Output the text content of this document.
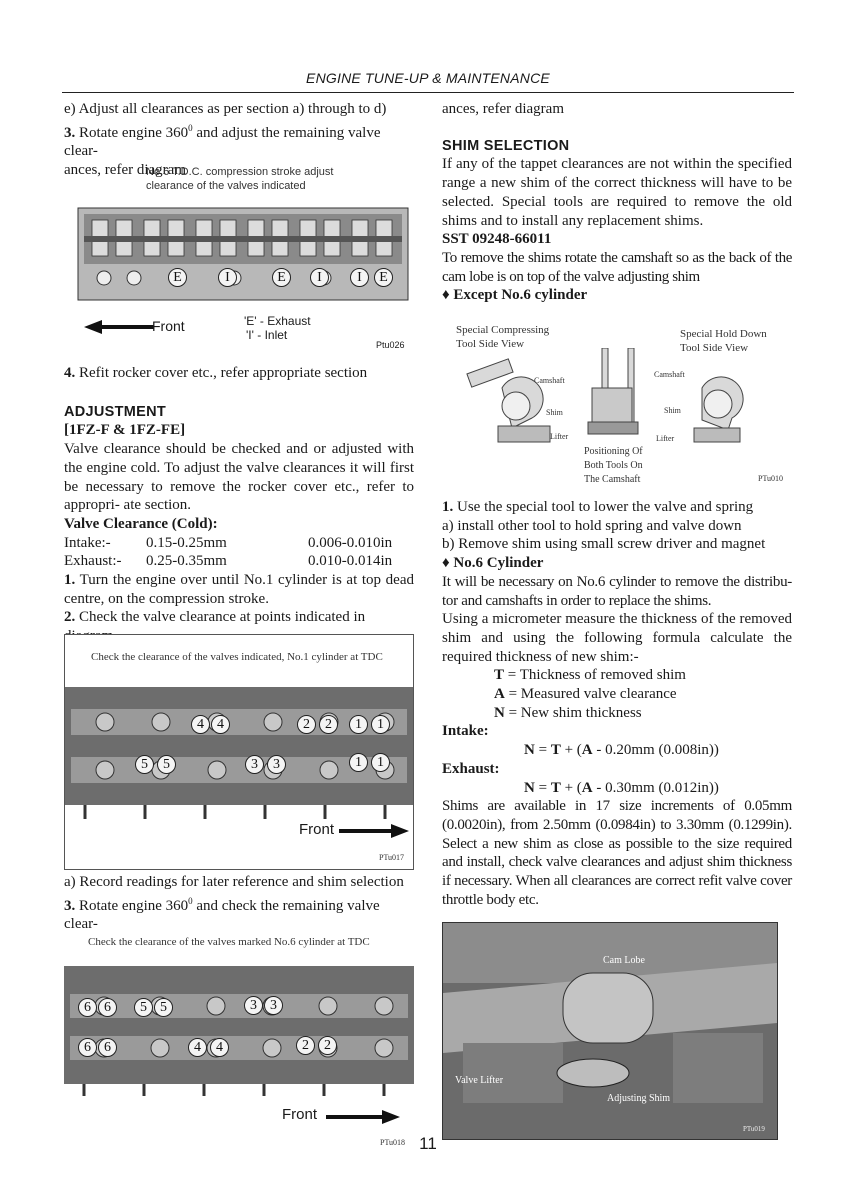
ENGINE TUNE-UP & MAINTENANCE

e) Adjust all clearances as per section a) through to d)

3. Rotate engine $360^0$ and adjust the remaining valve clear-

ances, refer diagram

No.6 T.D.C. compression stroke adjust
clearance of the valves indicated
E	I	E	I	I	E
Front	'E' - Exhaust
'I' - Inlet
Ptu026

4. Refit rocker cover etc., refer appropriate section

ADJUSTMENT

[1FZ-F & 1FZ-FE]

Valve clearance should be checked and or adjusted with the engine cold. To adjust the valve clearances it will first be necessary to remove the rocker cover etc., refer to appropri- ate section.

Valve Clearance (Cold):

Intake:-	0.15-0.25mm	0.006-0.010in

Exhaust:-	0.25-0.35mm	0.010-0.014in

1. Turn the engine over until No.1 cylinder is at top dead centre, on the compression stroke.

2. Check the valve clearance at points indicated in

Check the clearance of the valves indicated, No.1 cylinder at TDC
4 4	2	2	1	1
5	5	3	3	1	1
Front
PTu017

a) Record readings for later reference and shim selection

3. Rotate engine $360^0$ and check the remaining valve clear-

Check the clearance of the valves marked No.6 cylinder at TDC
6 6	5 5	3 3
6 6	4	4	2	2
Front
PTu018

ances, refer diagram

SHIM SELECTION

If any of the tappet clearances are not within the specified range a new shim of the correct thickness will have to be selected. Special tools are required to remove the old shims and to install any replacement shims.

SST 09248-66011

To remove the shims rotate the camshaft so as the back of the cam lobe is on top of the valve adjusting shim

♦ Except No.6 cylinder

Special Compressing
Tool Side View
Special Hold Down
Tool Side View
Camshaft
Camshaft
Shim	Shim
Lifter	Lifter
Positioning Of
Both Tools On
The Camshaft	PTu010

1. Use the special tool to lower the valve and spring

a) install other tool to hold spring and valve down

b) Remove shim using small screw driver and magnet

♦ No.6 Cylinder

It will be necessary on No.6 cylinder to remove the distribu- tor and camshafts in order to replace the shims.

Using a micrometer measure the thickness of the removed shim and using the following formula calculate the required thickness of new shim:-

T = Thickness of removed shim

A = Measured valve clearance

N = New shim thickness

Intake:

N = T + (A - 0.20mm (0.008in))

Exhaust:

N = T + (A - 0.30mm (0.012in))

Shims are available in 17 size increments of 0.05mm (0.0020in), from 2.50mm (0.0984in) to 3.30mm (0.1299in). Select a new shim as close as possible to the size required and install, check valve clearances and adjust shim thickness if necessary. When all clearances are correct refit valve cover throttle body etc.

Cam Lobe
Valve Lifter
Adjusting Shim
PTu019
11
